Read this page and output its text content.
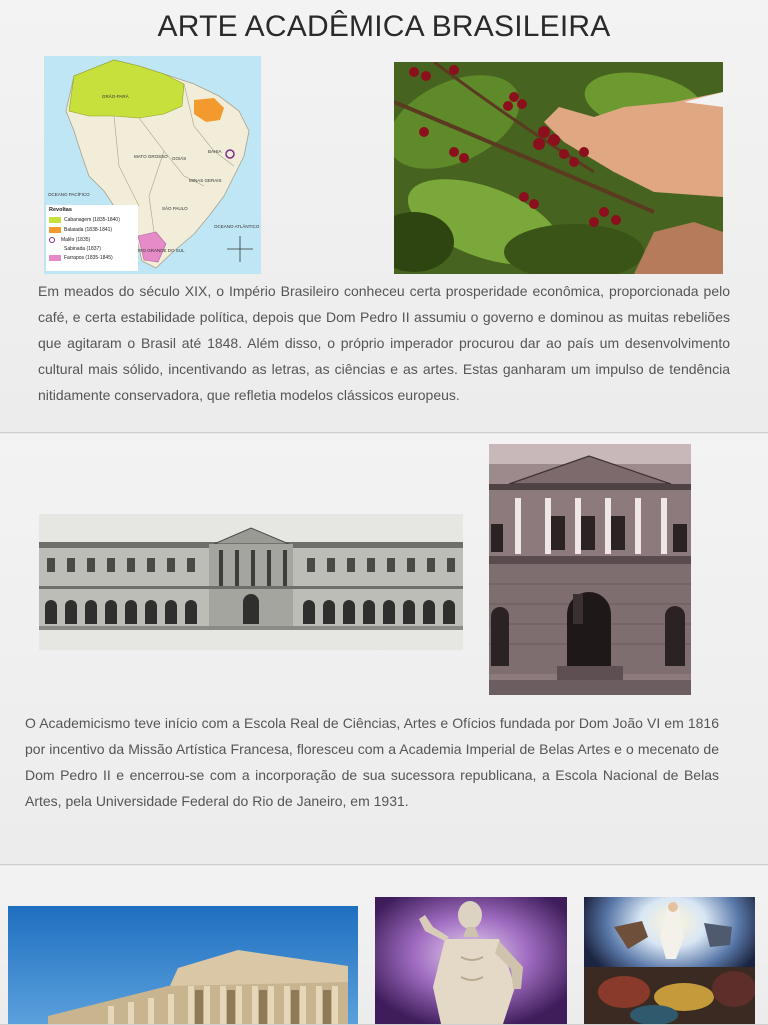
ARTE ACADÊMICA BRASILEIRA
GRÃO-PARÁ
MATO GROSSO GOIÁS
BAHIA
MINAS GERAIS
SÃO PAULO
OCEANO PACÍFICO
OCEANO ATLÂNTICO
RIO GRANDE DO SUL
Revoltas
Cabanagem (1835-1840)
Balaiada (1838-1841)
Malês (1835)
Sabinada (1837)
Farrapos (1835-1845)

Em meados do século XIX, o Império Brasileiro conheceu certa prosperidade econômica, proporcionada pelo café, e certa estabilidade política, depois que Dom Pedro II assumiu o governo e dominou as muitas rebeliões que agitaram o Brasil até 1848. Além disso, o próprio imperador procurou dar ao país um desenvolvimento cultural mais sólido, incentivando as letras, as ciências e as artes. Estas ganharam um impulso de tendência nitidamente conservadora, que refletia modelos clássicos europeus.

O Academicismo teve início com a Escola Real de Ciências, Artes e Ofícios fundada por Dom João VI em 1816 por incentivo da Missão Artística Francesa, floresceu com a Academia Imperial de Belas Artes e o mecenato de Dom Pedro II e encerrou-se com a incorporação de sua sucessora republicana, a Escola Nacional de Belas Artes, pela Universidade Federal do Rio de Janeiro, em 1931.
